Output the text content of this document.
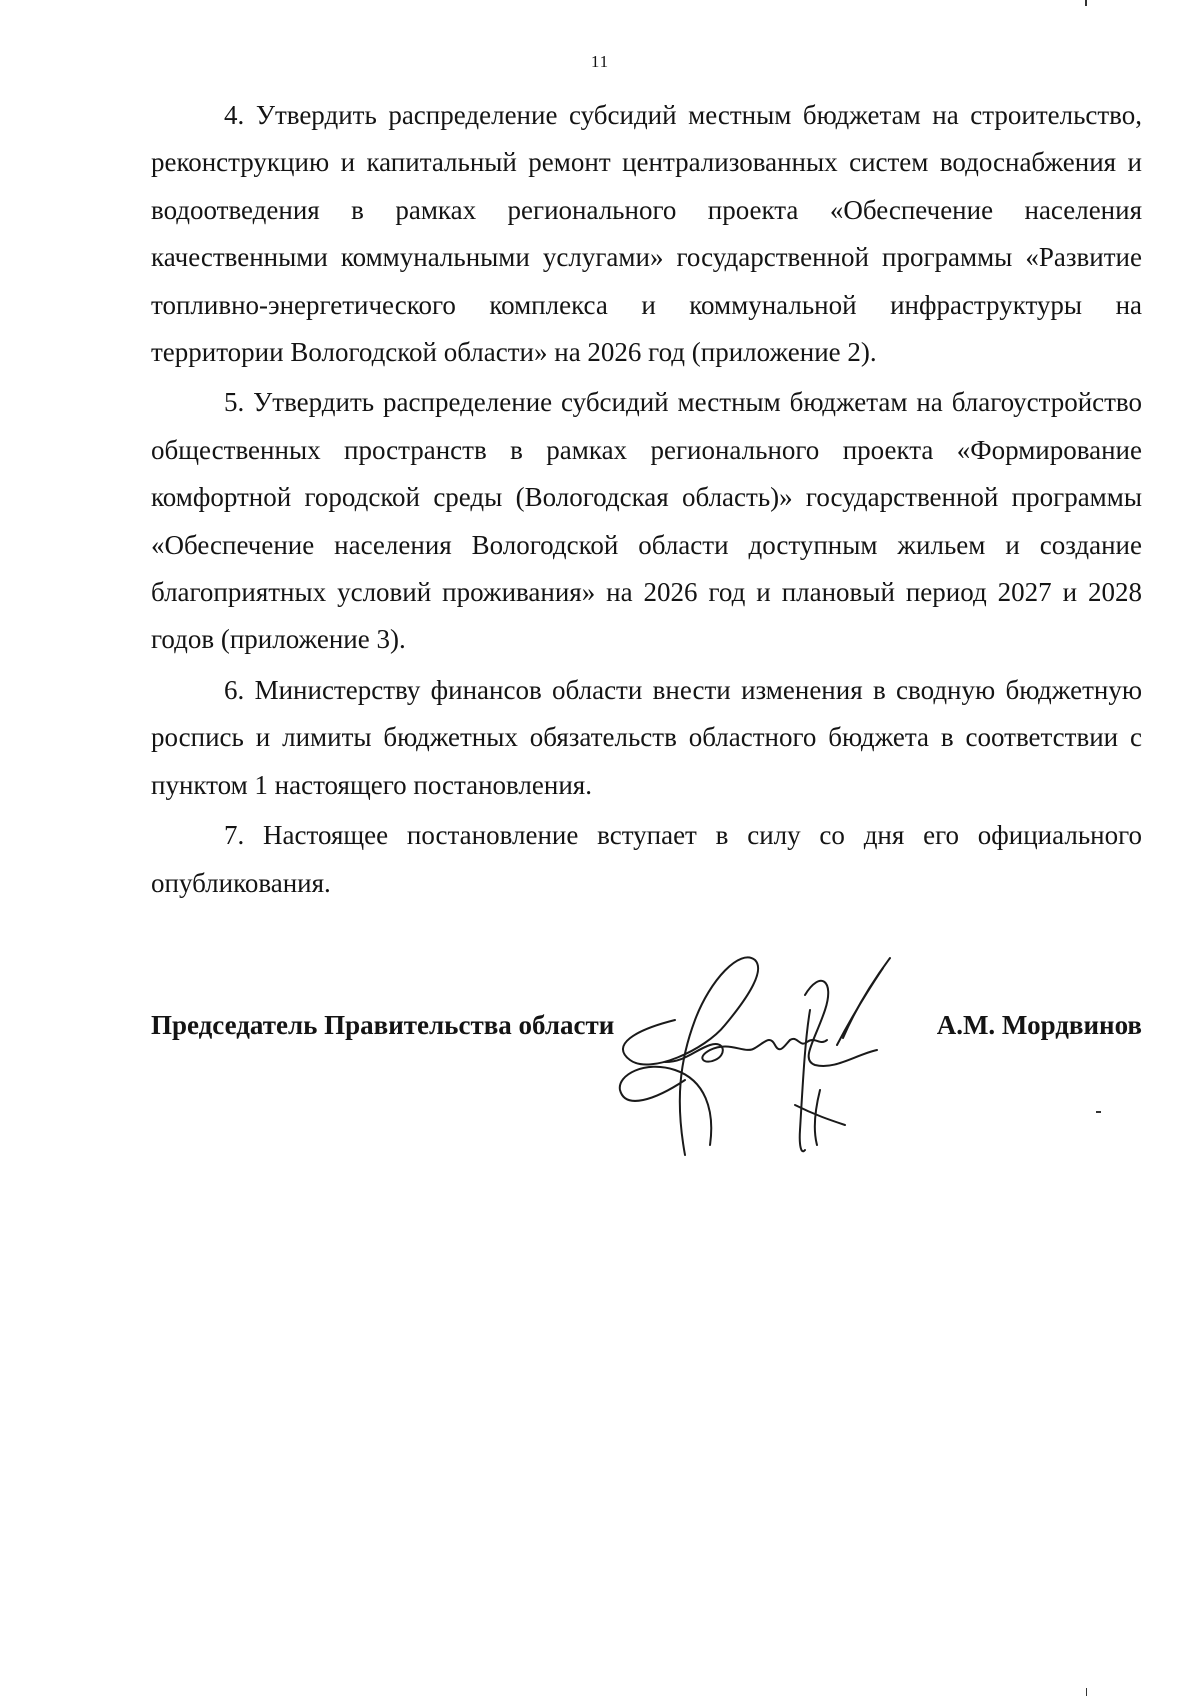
11

4. Утвердить распределение субсидий местным бюджетам на строительство, реконструкцию и капитальный ремонт централизованных систем водоснабжения и водоотведения в рамках регионального проекта «Обеспечение населения качественными коммунальными услугами» государственной программы «Развитие топливно-энергетического комплекса и коммунальной инфраструктуры на территории Вологодской области» на 2026 год (приложение 2).

5. Утвердить распределение субсидий местным бюджетам на благоустройство общественных пространств в рамках регионального проекта «Формирование комфортной городской среды (Вологодская область)» государственной программы «Обеспечение населения Вологодской области доступным жильем и создание благоприятных условий проживания» на 2026 год и плановый период 2027 и 2028 годов (приложение 3).

6. Министерству финансов области внести изменения в сводную бюджетную роспись и лимиты бюджетных обязательств областного бюджета в соответствии с пунктом 1 настоящего постановления.

7. Настоящее постановление вступает в силу со дня его официального опубликования.

Председатель Правительства области	А.М. Мордвинов
